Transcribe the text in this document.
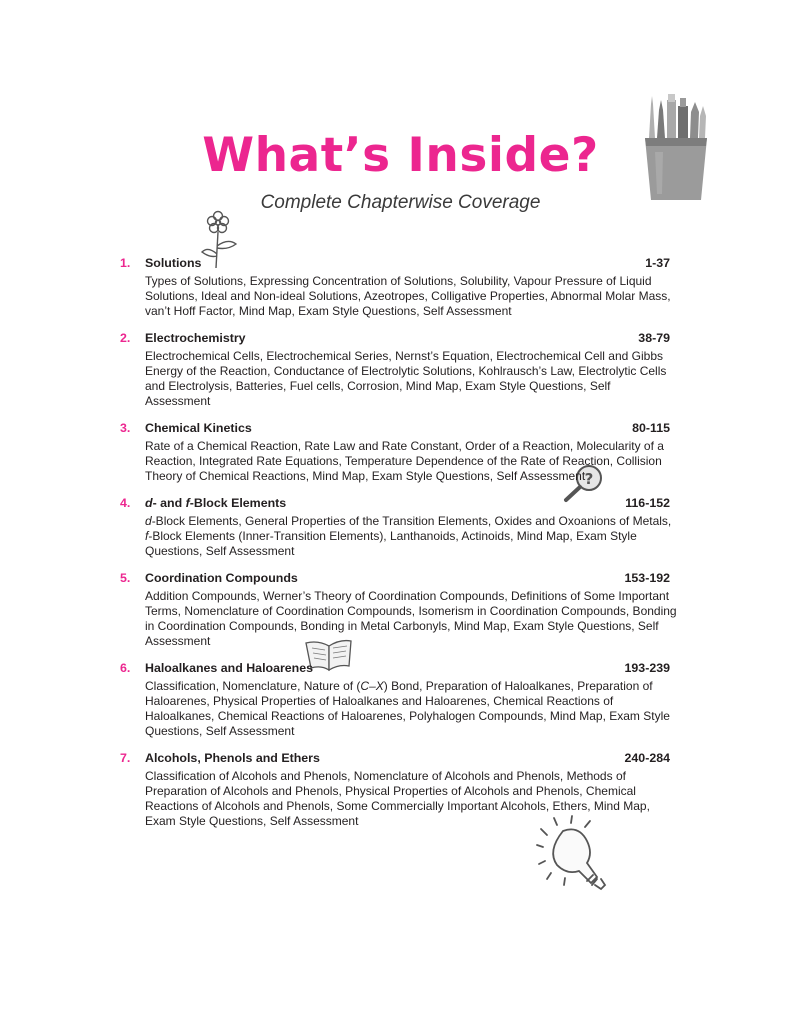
?
What’s Inside?

Complete Chapterwise Coverage

1. Solutions	1-37

Types of Solutions, Expressing Concentration of Solutions, Solubility, Vapour Pressure of Liquid Solutions, Ideal and Non-ideal Solutions, Azeotropes, Colligative Properties, Abnormal Molar Mass, van’t Hoff Factor, Mind Map, Exam Style Questions, Self Assessment

2. Electrochemistry	38-79

Electrochemical Cells, Electrochemical Series, Nernst’s Equation, Electrochemical Cell and Gibbs Energy of the Reaction, Conductance of Electrolytic Solutions, Kohlrausch’s Law, Electrolytic Cells and Electrolysis, Batteries, Fuel cells, Corrosion, Mind Map, Exam Style Questions, Self Assessment

3. Chemical Kinetics	80-115

Rate of a Chemical Reaction, Rate Law and Rate Constant, Order of a Reaction, Molecularity of a Reaction, Integrated Rate Equations, Temperature Dependence of the Rate of Reaction, Collision Theory of Chemical Reactions, Mind Map, Exam Style Questions, Self Assessment

4. d- and f-Block Elements	116-152

d-Block Elements, General Properties of the Transition Elements, Oxides and Oxoanions of Metals,
f-Block Elements (Inner-Transition Elements), Lanthanoids, Actinoids, Mind Map, Exam Style Questions, Self Assessment

5. Coordination Compounds	153-192

Addition Compounds, Werner’s Theory of Coordination Compounds, Definitions of Some Important Terms, Nomenclature of Coordination Compounds, Isomerism in Coordination Compounds, Bonding in Coordination Compounds, Bonding in Metal Carbonyls, Mind Map, Exam Style Questions, Self Assessment

6. Haloalkanes and Haloarenes	193-239

Classification, Nomenclature, Nature of (C–X) Bond, Preparation of Haloalkanes, Preparation of Haloarenes, Physical Properties of Haloalkanes and Haloarenes, Chemical Reactions of Haloalkanes, Chemical Reactions of Haloarenes, Polyhalogen Compounds, Mind Map, Exam Style Questions, Self Assessment

7. Alcohols, Phenols and Ethers	240-284

Classification of Alcohols and Phenols, Nomenclature of Alcohols and Phenols, Methods of Preparation of Alcohols and Phenols, Physical Properties of Alcohols and Phenols, Chemical Reactions of Alcohols and Phenols, Some Commercially Important Alcohols, Ethers, Mind Map, Exam Style Questions, Self Assessment
